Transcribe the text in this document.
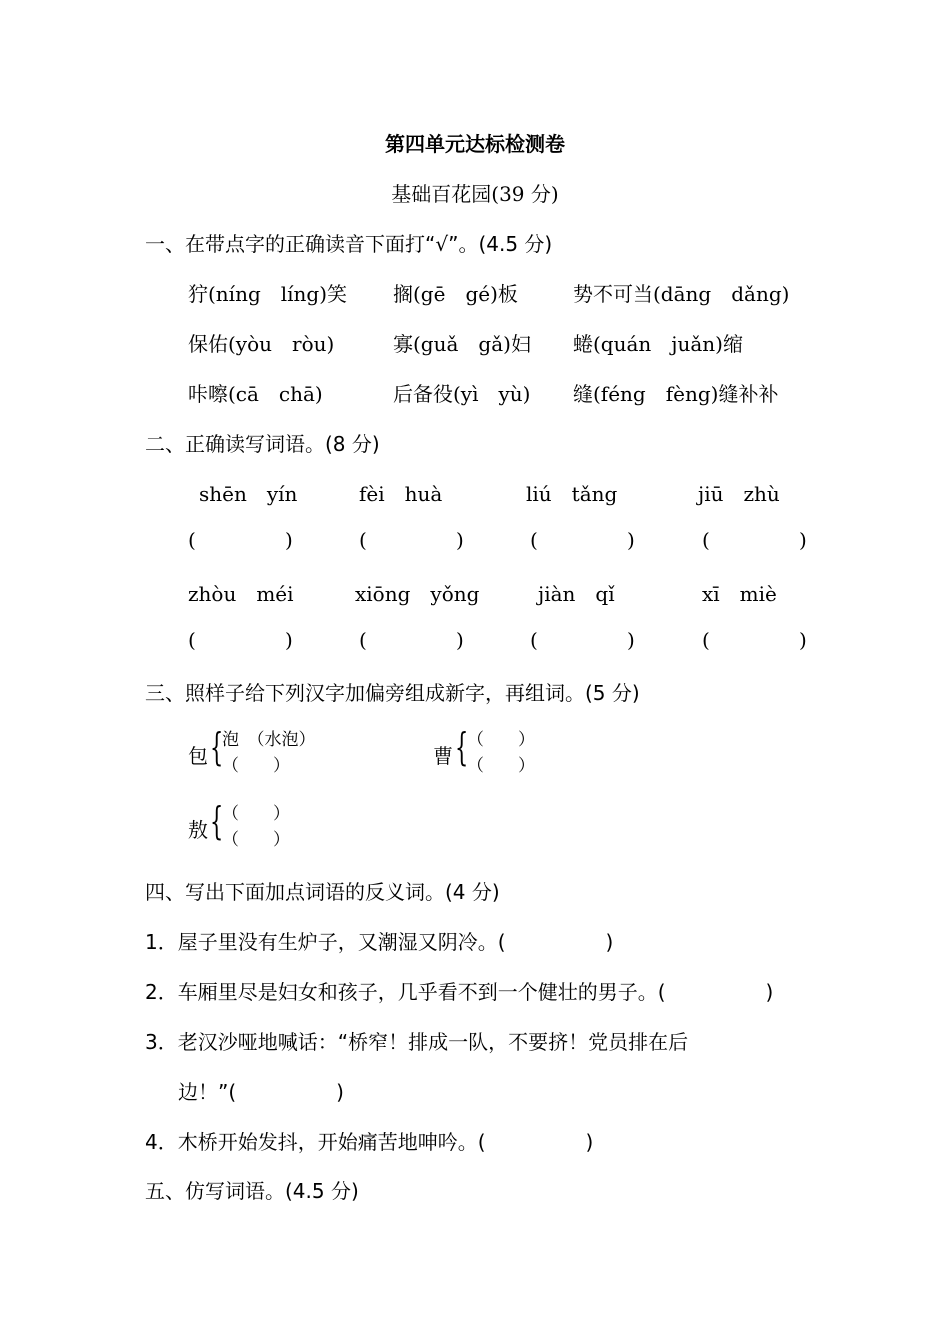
第四单元达标检测卷
基础百花园(39 分)
一、在带点字的正确读音下面打“√”。(4.5 分)
狞(níng　líng)笑 搁(gē　gé)板	势不可当(dāng　dǎng)
保佑(yòu　ròu)	寡(guǎ　gǎ)妇 蜷(quán　juǎn)缩
咔嚓(cā　chā)	后备役(yì　yù) 缝(féng　fèng)缝补补
二、正确读写词语。(8 分)
shēn　yín	fèi　huà	liú　tǎng	jiū　zhù
(	)	(	)	(	)	(	)
zhòu　méi	xiōng　yǒng	jiàn　qǐ	xī　miè
(	)	(	)	(	)	(	)
三、照样子给下列汉字加偏旁组成新字，再组词。(5 分)
包 {
泡　（水泡）
（　　）	曹 {
（　　）
（　　）
敖 {
（　　）
（　　）
四、写出下面加点词语的反义词。(4 分)
1．屋子里没有生炉子，又潮湿又阴冷。(　　　　　)
2．车厢里尽是妇女和孩子，几乎看不到一个健壮的男子。(　　　　　)
3．老汉沙哑地喊话：“桥窄！排成一队，不要挤！党员排在后
边！”(　　　　　)
4．木桥开始发抖，开始痛苦地呻吟。(　　　　　)
五、仿写词语。(4.5 分)
